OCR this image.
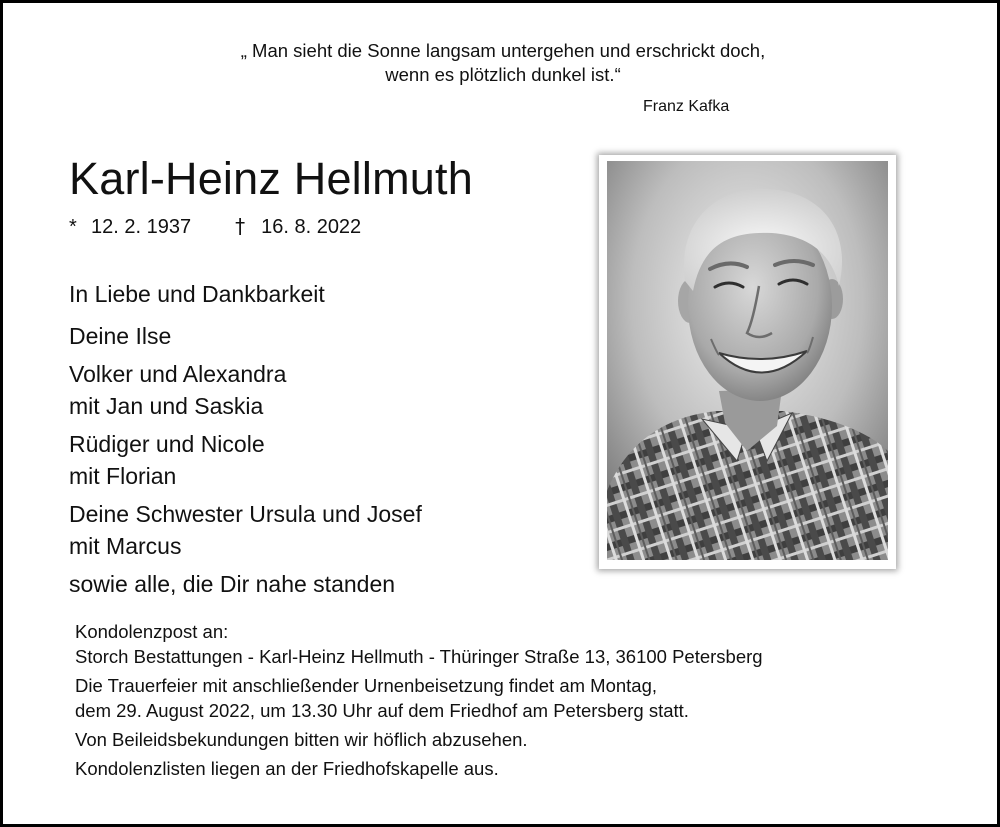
„ Man sieht die Sonne langsam untergehen und erschrickt doch,
wenn es plötzlich dunkel ist.“
Franz Kafka
Karl-Heinz Hellmuth
* 12. 2. 1937 † 16. 8. 2022
In Liebe und Dankbarkeit
Deine Ilse
Volker und Alexandra
mit Jan und Saskia
Rüdiger und Nicole
mit Florian
Deine Schwester Ursula und Josef
mit Marcus
sowie alle, die Dir nahe standen
Kondolenzpost an:
Storch Bestattungen - Karl-Heinz Hellmuth - Thüringer Straße 13, 36100 Petersberg
Die Trauerfeier mit anschließender Urnenbeisetzung findet am Montag,
dem 29. August 2022, um 13.30 Uhr auf dem Friedhof am Petersberg statt.
Von Beileidsbekundungen bitten wir höflich abzusehen.
Kondolenzlisten liegen an der Friedhofskapelle aus.
